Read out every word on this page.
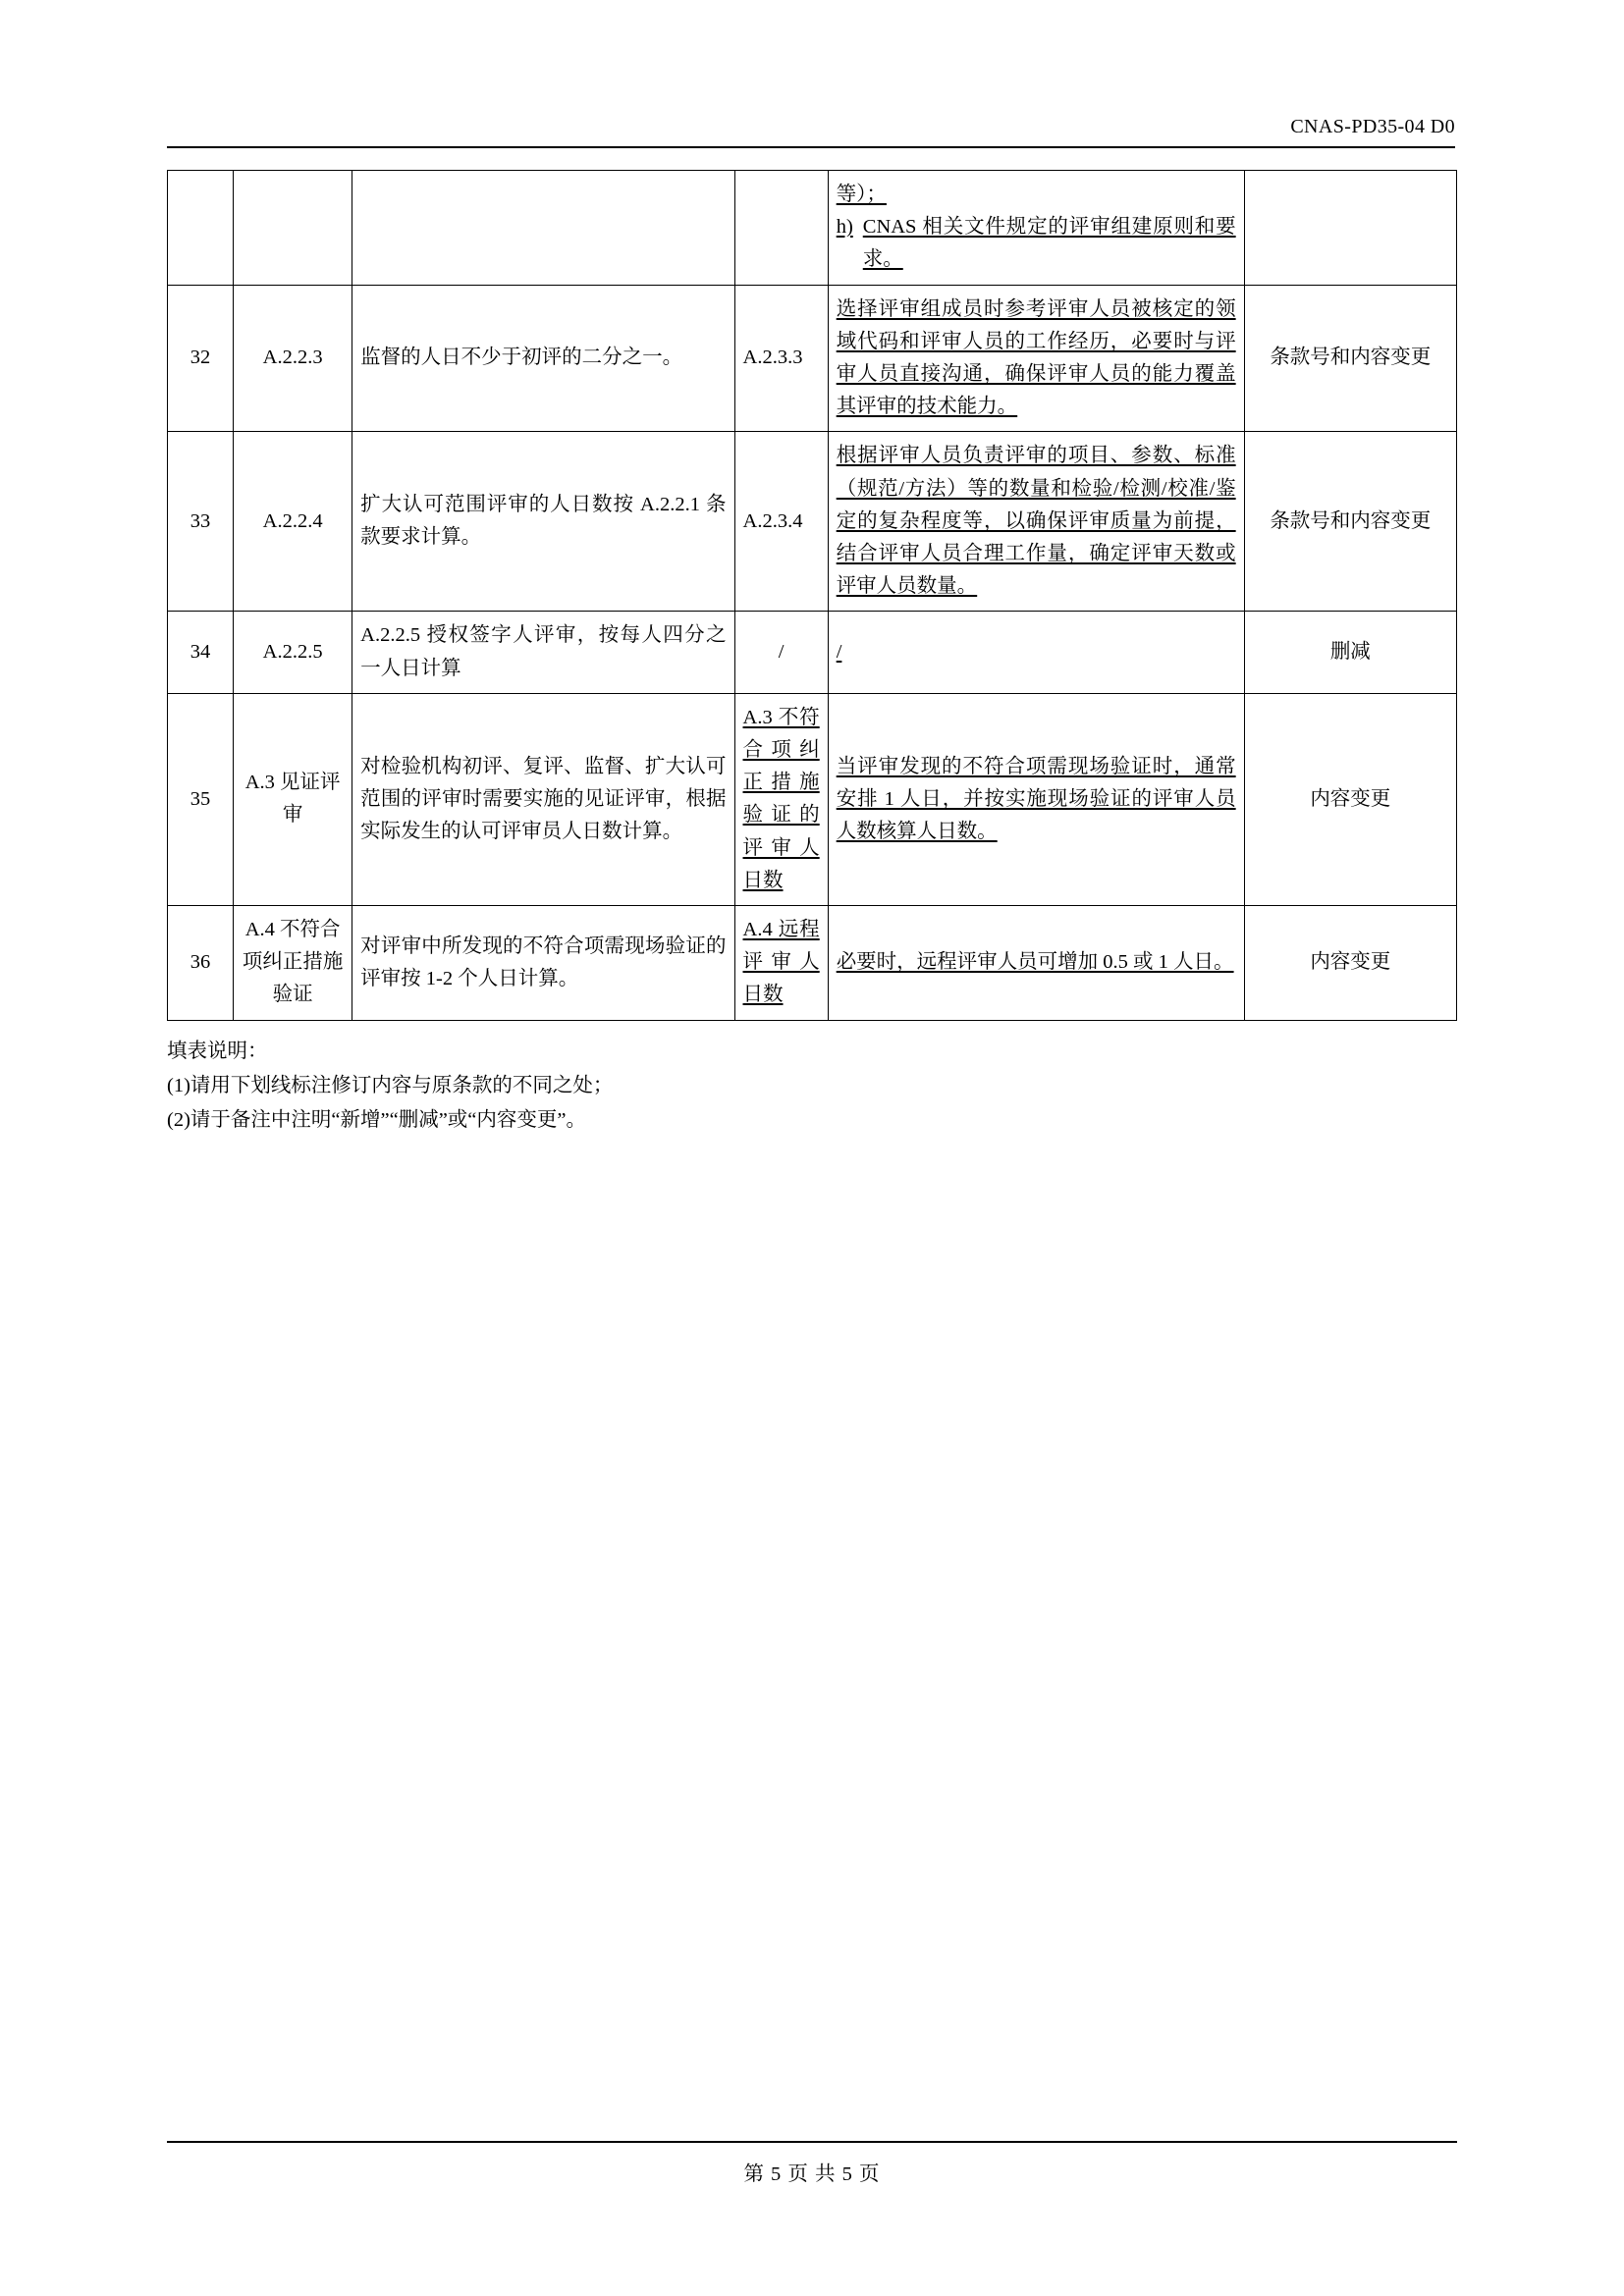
CNAS-PD35-04 D0

				等）；
h) CNAS 相关文件规定的评审组建原则和要求。	

32	A.2.2.3	监督的人日不少于初评的二分之一。	A.2.3.3	选择评审组成员时参考评审人员被核定的领域代码和评审人员的工作经历，必要时与评审人员直接沟通，确保评审人员的能力覆盖其评审的技术能力。	条款号和内容变更
33	A.2.2.4	扩大认可范围评审的人日数按 A.2.2.1 条款要求计算。	A.2.3.4	根据评审人员负责评审的项目、参数、标准（规范/方法）等的数量和检验/检测/校准/鉴定的复杂程度等，以确保评审质量为前提，结合评审人员合理工作量，确定评审天数或评审人员数量。	条款号和内容变更
34	A.2.2.5	A.2.2.5 授权签字人评审，按每人四分之一人日计算	/	/	删减
35	A.3 见证评审	对检验机构初评、复评、监督、扩大认可范围的评审时需要实施的见证评审，根据实际发生的认可评审员人日数计算。	A.3 不符合项纠正措施验证的评审人日数	当评审发现的不符合项需现场验证时，通常安排 1 人日，并按实施现场验证的评审人员人数核算人日数。	内容变更
36	A.4 不符合项纠正措施验证	对评审中所发现的不符合项需现场验证的评审按 1-2 个人日计算。	A.4 远程评审人日数	必要时，远程评审人员可增加 0.5 或 1 人日。	内容变更
填表说明：
(1)请用下划线标注修订内容与原条款的不同之处；
(2)请于备注中注明“新增”“删减”或“内容变更”。
第 5 页 共 5 页
